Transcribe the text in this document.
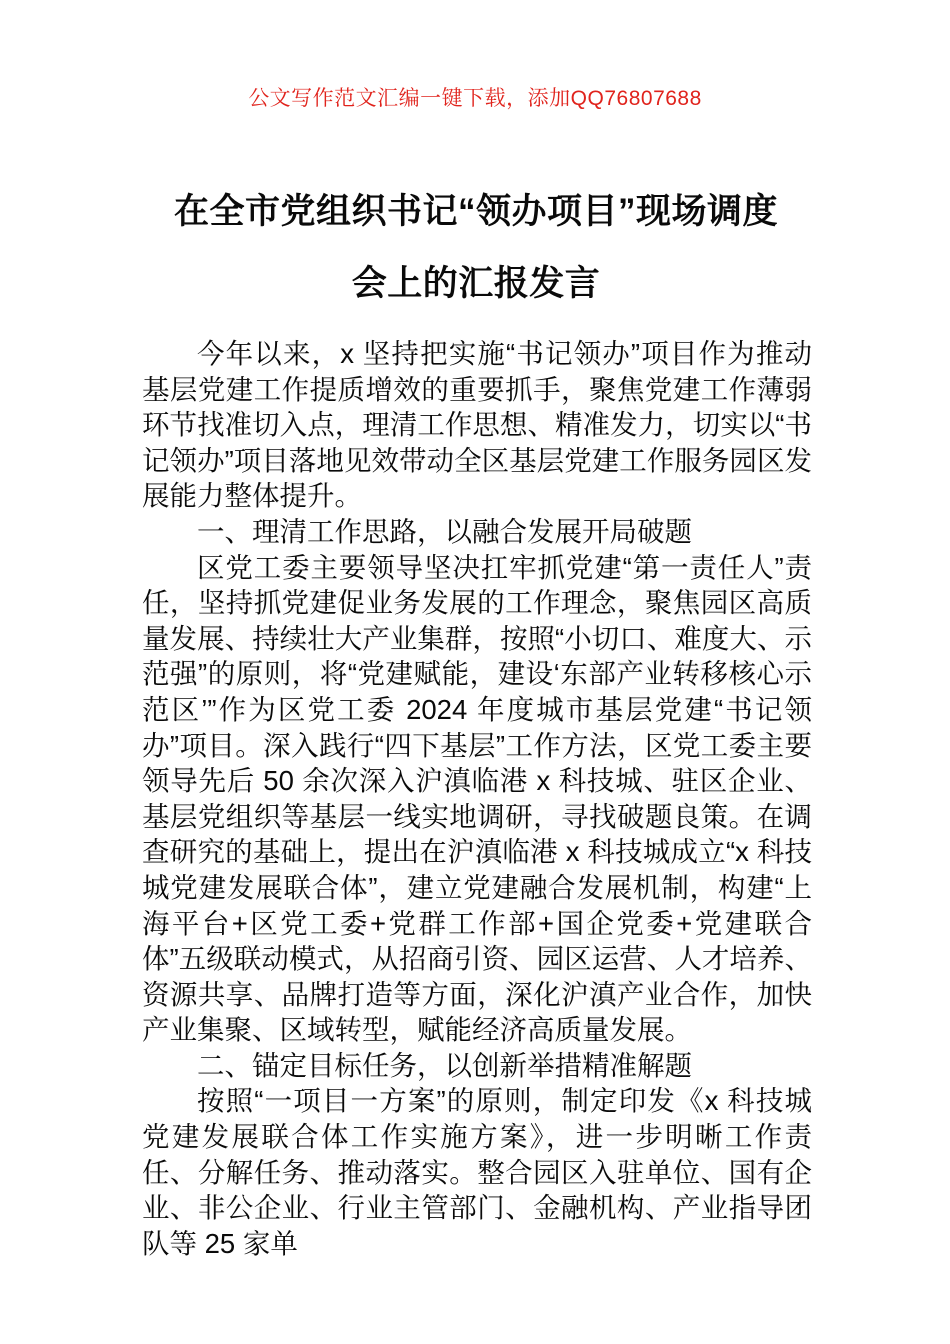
公文写作范文汇编一键下载，添加QQ76807688
在全市党组织书记“领办项目”现场调度
会上的汇报发言

今年以来，x 坚持把实施“书记领办”项目作为推动基层党建工作提质增效的重要抓手，聚焦党建工作薄弱环节找准切入点，理清工作思想、精准发力，切实以“书记领办”项目落地见效带动全区基层党建工作服务园区发展能力整体提升。

一、理清工作思路，以融合发展开局破题

区党工委主要领导坚决扛牢抓党建“第一责任人”责任，坚持抓党建促业务发展的工作理念，聚焦园区高质量发展、持续壮大产业集群，按照“小切口、难度大、示范强”的原则，将“党建赋能，建设‘东部产业转移核心示范区’”作为区党工委 2024 年度城市基层党建“书记领办”项目。深入践行“四下基层”工作方法，区党工委主要领导先后 50 余次深入沪滇临港 x 科技城、驻区企业、基层党组织等基层一线实地调研，寻找破题良策。在调查研究的基础上，提出在沪滇临港 x 科技城成立“x 科技城党建发展联合体”，建立党建融合发展机制，构建“上海平台+区党工委+党群工作部+国企党委+党建联合体”五级联动模式，从招商引资、园区运营、人才培养、资源共享、品牌打造等方面，深化沪滇产业合作，加快产业集聚、区域转型，赋能经济高质量发展。

二、锚定目标任务，以创新举措精准解题

按照“一项目一方案”的原则，制定印发《x 科技城党建发展联合体工作实施方案》，进一步明晰工作责任、分解任务、推动落实。整合园区入驻单位、国有企业、非公企业、行业主管部门、金融机构、产业指导团队等 25 家单
